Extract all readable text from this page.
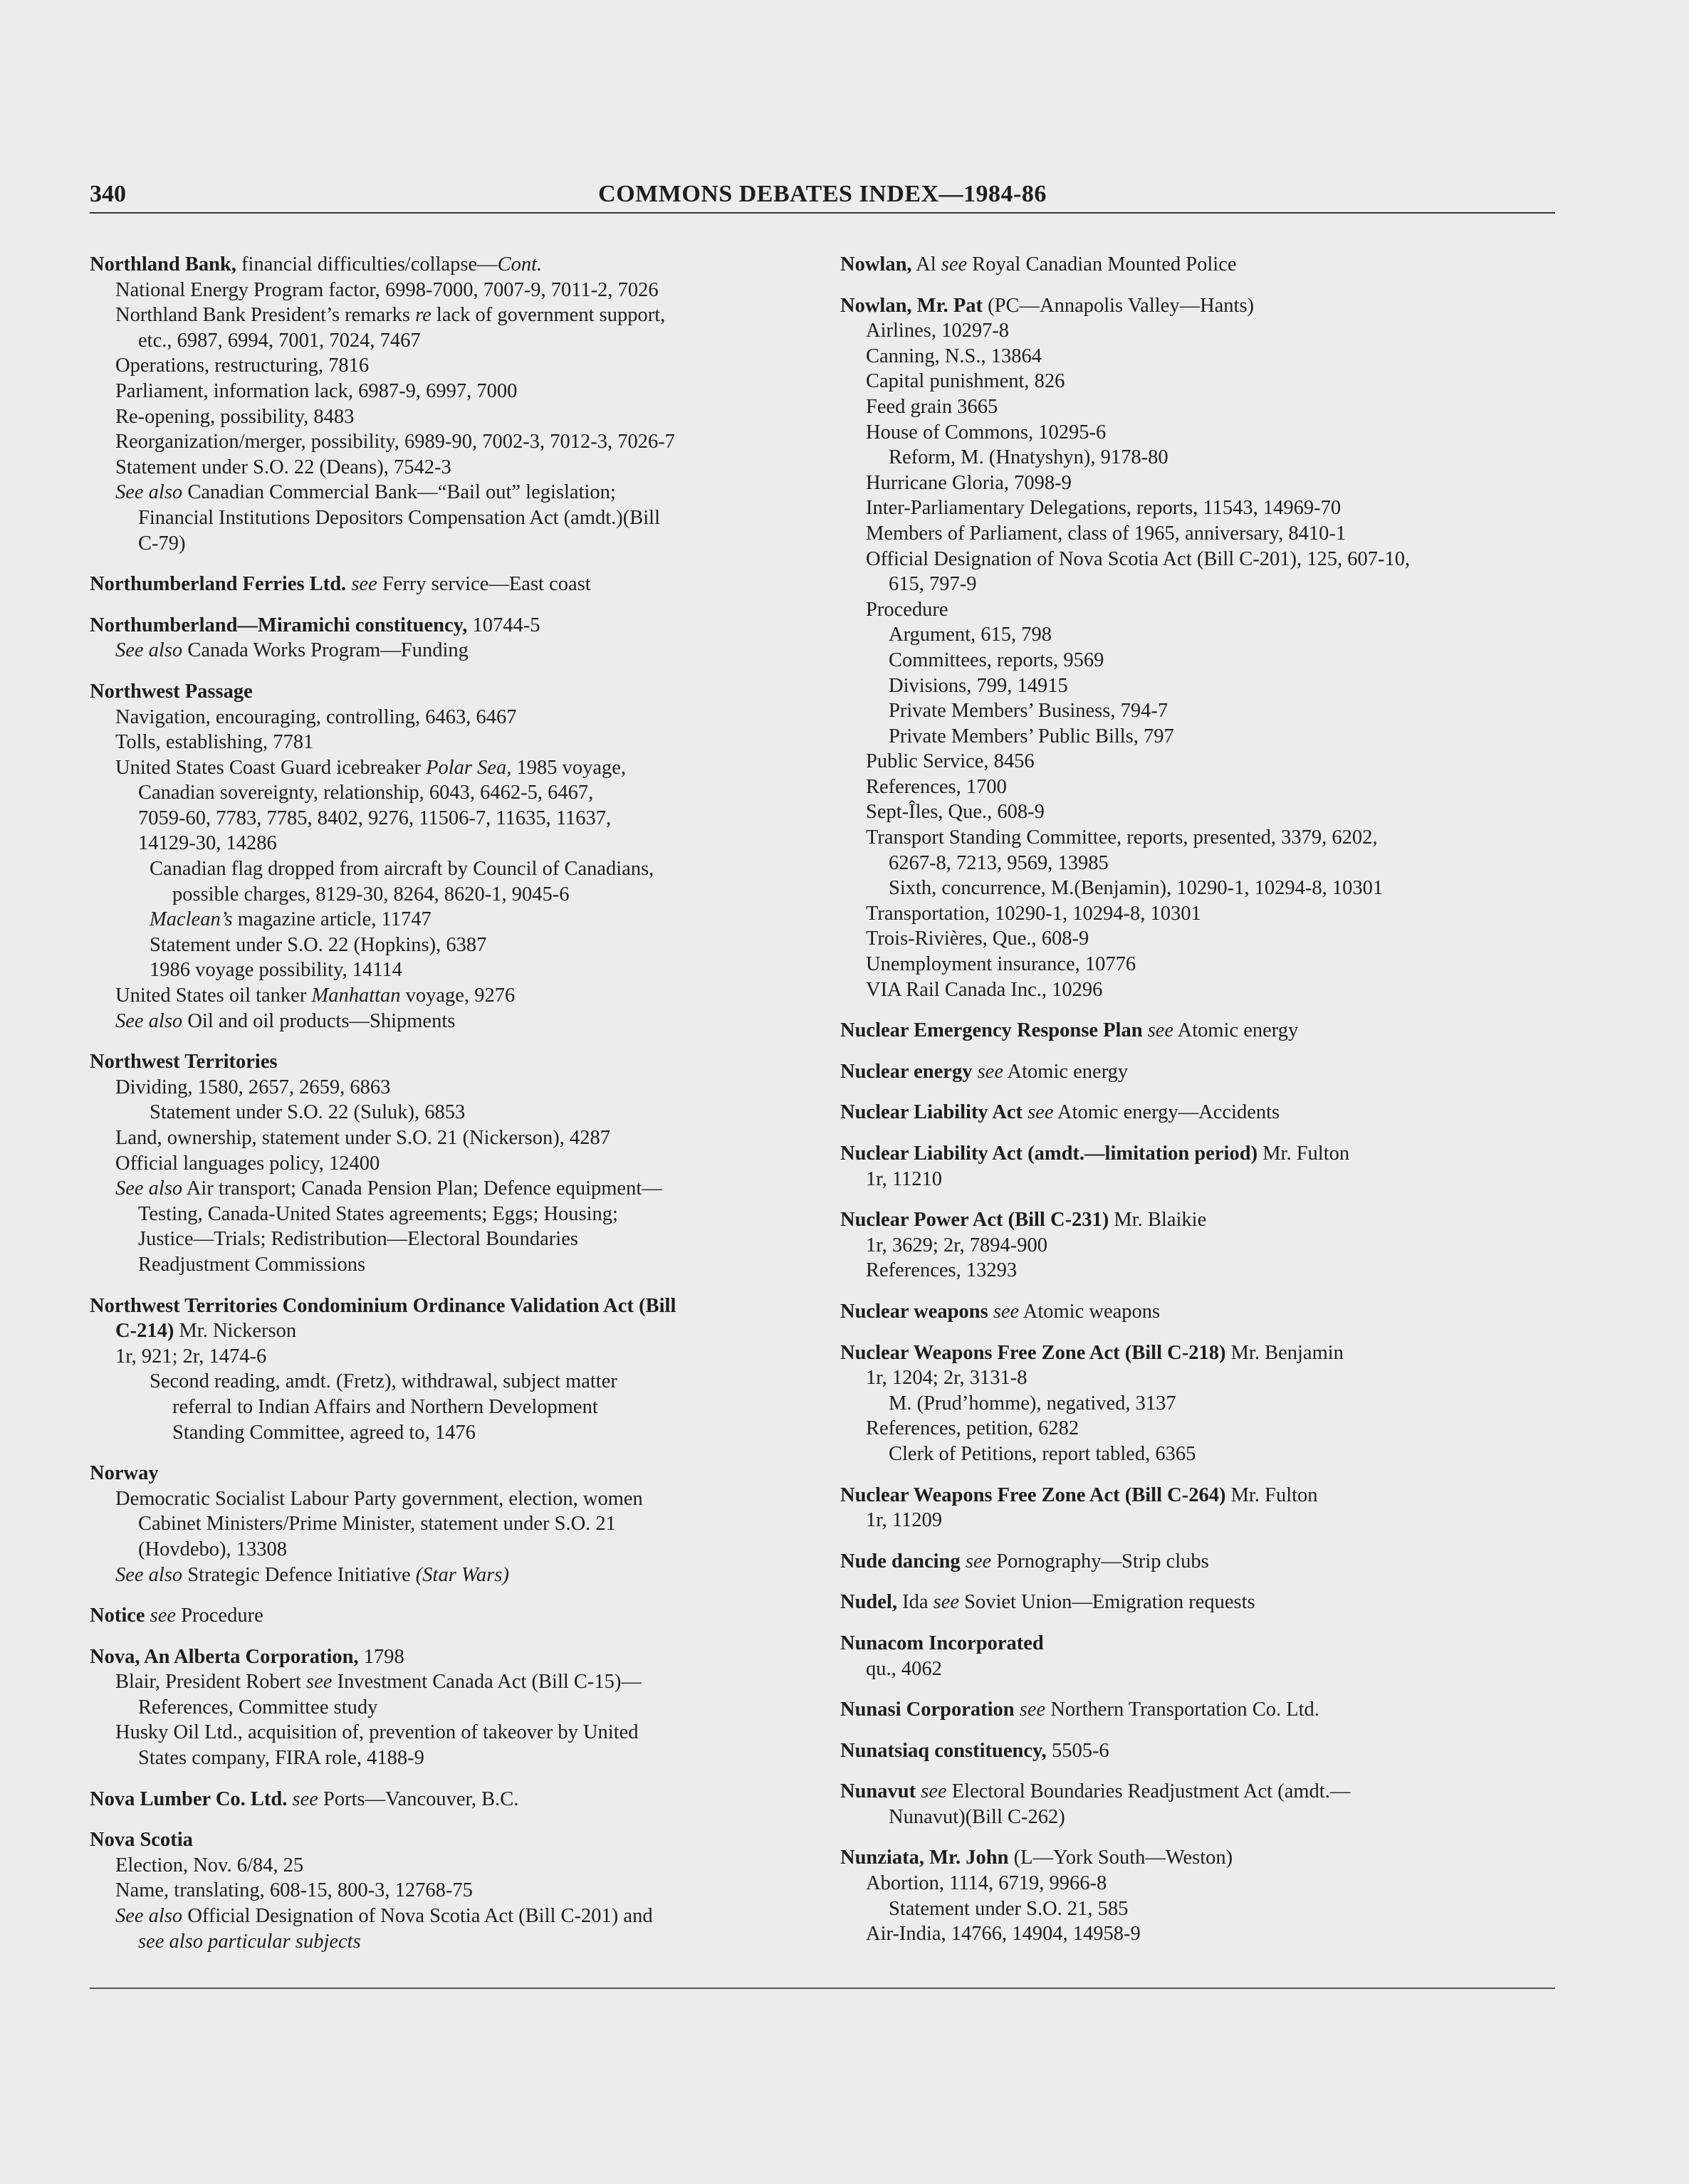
340	COMMONS DEBATES INDEX—1984-86
Northland Bank, financial difficulties/collapse—Cont.
National Energy Program factor, 6998-7000, 7007-9, 7011-2, 7026
Northland Bank President’s remarks re lack of government support,
etc., 6987, 6994, 7001, 7024, 7467
Operations, restructuring, 7816
Parliament, information lack, 6987-9, 6997, 7000
Re-opening, possibility, 8483
Reorganization/merger, possibility, 6989-90, 7002-3, 7012-3, 7026-7
Statement under S.O. 22 (Deans), 7542-3
See also Canadian Commercial Bank—“Bail out” legislation;
Financial Institutions Depositors Compensation Act (amdt.)(Bill
C-79)
Northumberland Ferries Ltd. see Ferry service—East coast
Northumberland—Miramichi constituency, 10744-5
See also Canada Works Program—Funding
Northwest Passage
Navigation, encouraging, controlling, 6463, 6467
Tolls, establishing, 7781
United States Coast Guard icebreaker Polar Sea, 1985 voyage,
Canadian sovereignty, relationship, 6043, 6462-5, 6467,
7059-60, 7783, 7785, 8402, 9276, 11506-7, 11635, 11637,
14129-30, 14286
Canadian flag dropped from aircraft by Council of Canadians,
possible charges, 8129-30, 8264, 8620-1, 9045-6
Maclean’s magazine article, 11747
Statement under S.O. 22 (Hopkins), 6387
1986 voyage possibility, 14114
United States oil tanker Manhattan voyage, 9276
See also Oil and oil products—Shipments
Northwest Territories
Dividing, 1580, 2657, 2659, 6863
Statement under S.O. 22 (Suluk), 6853
Land, ownership, statement under S.O. 21 (Nickerson), 4287
Official languages policy, 12400
See also Air transport; Canada Pension Plan; Defence equipment—
Testing, Canada-United States agreements; Eggs; Housing;
Justice—Trials; Redistribution—Electoral Boundaries
Readjustment Commissions
Northwest Territories Condominium Ordinance Validation Act (Bill
C-214) Mr. Nickerson
1r, 921; 2r, 1474-6
Second reading, amdt. (Fretz), withdrawal, subject matter
referral to Indian Affairs and Northern Development
Standing Committee, agreed to, 1476
Norway
Democratic Socialist Labour Party government, election, women
Cabinet Ministers/Prime Minister, statement under S.O. 21
(Hovdebo), 13308
See also Strategic Defence Initiative (Star Wars)
Notice see Procedure
Nova, An Alberta Corporation, 1798
Blair, President Robert see Investment Canada Act (Bill C-15)—
References, Committee study
Husky Oil Ltd., acquisition of, prevention of takeover by United
States company, FIRA role, 4188-9
Nova Lumber Co. Ltd. see Ports—Vancouver, B.C.
Nova Scotia
Election, Nov. 6/84, 25
Name, translating, 608-15, 800-3, 12768-75
See also Official Designation of Nova Scotia Act (Bill C-201) and
see also particular subjects
Nowlan, Al see Royal Canadian Mounted Police
Nowlan, Mr. Pat (PC—Annapolis Valley—Hants)
Airlines, 10297-8
Canning, N.S., 13864
Capital punishment, 826
Feed grain 3665
House of Commons, 10295-6
Reform, M. (Hnatyshyn), 9178-80
Hurricane Gloria, 7098-9
Inter-Parliamentary Delegations, reports, 11543, 14969-70
Members of Parliament, class of 1965, anniversary, 8410-1
Official Designation of Nova Scotia Act (Bill C-201), 125, 607-10,
615, 797-9
Procedure
Argument, 615, 798
Committees, reports, 9569
Divisions, 799, 14915
Private Members’ Business, 794-7
Private Members’ Public Bills, 797
Public Service, 8456
References, 1700
Sept-Îles, Que., 608-9
Transport Standing Committee, reports, presented, 3379, 6202,
6267-8, 7213, 9569, 13985
Sixth, concurrence, M.(Benjamin), 10290-1, 10294-8, 10301
Transportation, 10290-1, 10294-8, 10301
Trois-Rivières, Que., 608-9
Unemployment insurance, 10776
VIA Rail Canada Inc., 10296
Nuclear Emergency Response Plan see Atomic energy
Nuclear energy see Atomic energy
Nuclear Liability Act see Atomic energy—Accidents
Nuclear Liability Act (amdt.—limitation period) Mr. Fulton
1r, 11210
Nuclear Power Act (Bill C-231) Mr. Blaikie
1r, 3629; 2r, 7894-900
References, 13293
Nuclear weapons see Atomic weapons
Nuclear Weapons Free Zone Act (Bill C-218) Mr. Benjamin
1r, 1204; 2r, 3131-8
M. (Prud’homme), negatived, 3137
References, petition, 6282
Clerk of Petitions, report tabled, 6365
Nuclear Weapons Free Zone Act (Bill C-264) Mr. Fulton
1r, 11209
Nude dancing see Pornography—Strip clubs
Nudel, Ida see Soviet Union—Emigration requests
Nunacom Incorporated
qu., 4062
Nunasi Corporation see Northern Transportation Co. Ltd.
Nunatsiaq constituency, 5505-6
Nunavut see Electoral Boundaries Readjustment Act (amdt.—
Nunavut)(Bill C-262)
Nunziata, Mr. John (L—York South—Weston)
Abortion, 1114, 6719, 9966-8
Statement under S.O. 21, 585
Air-India, 14766, 14904, 14958-9
